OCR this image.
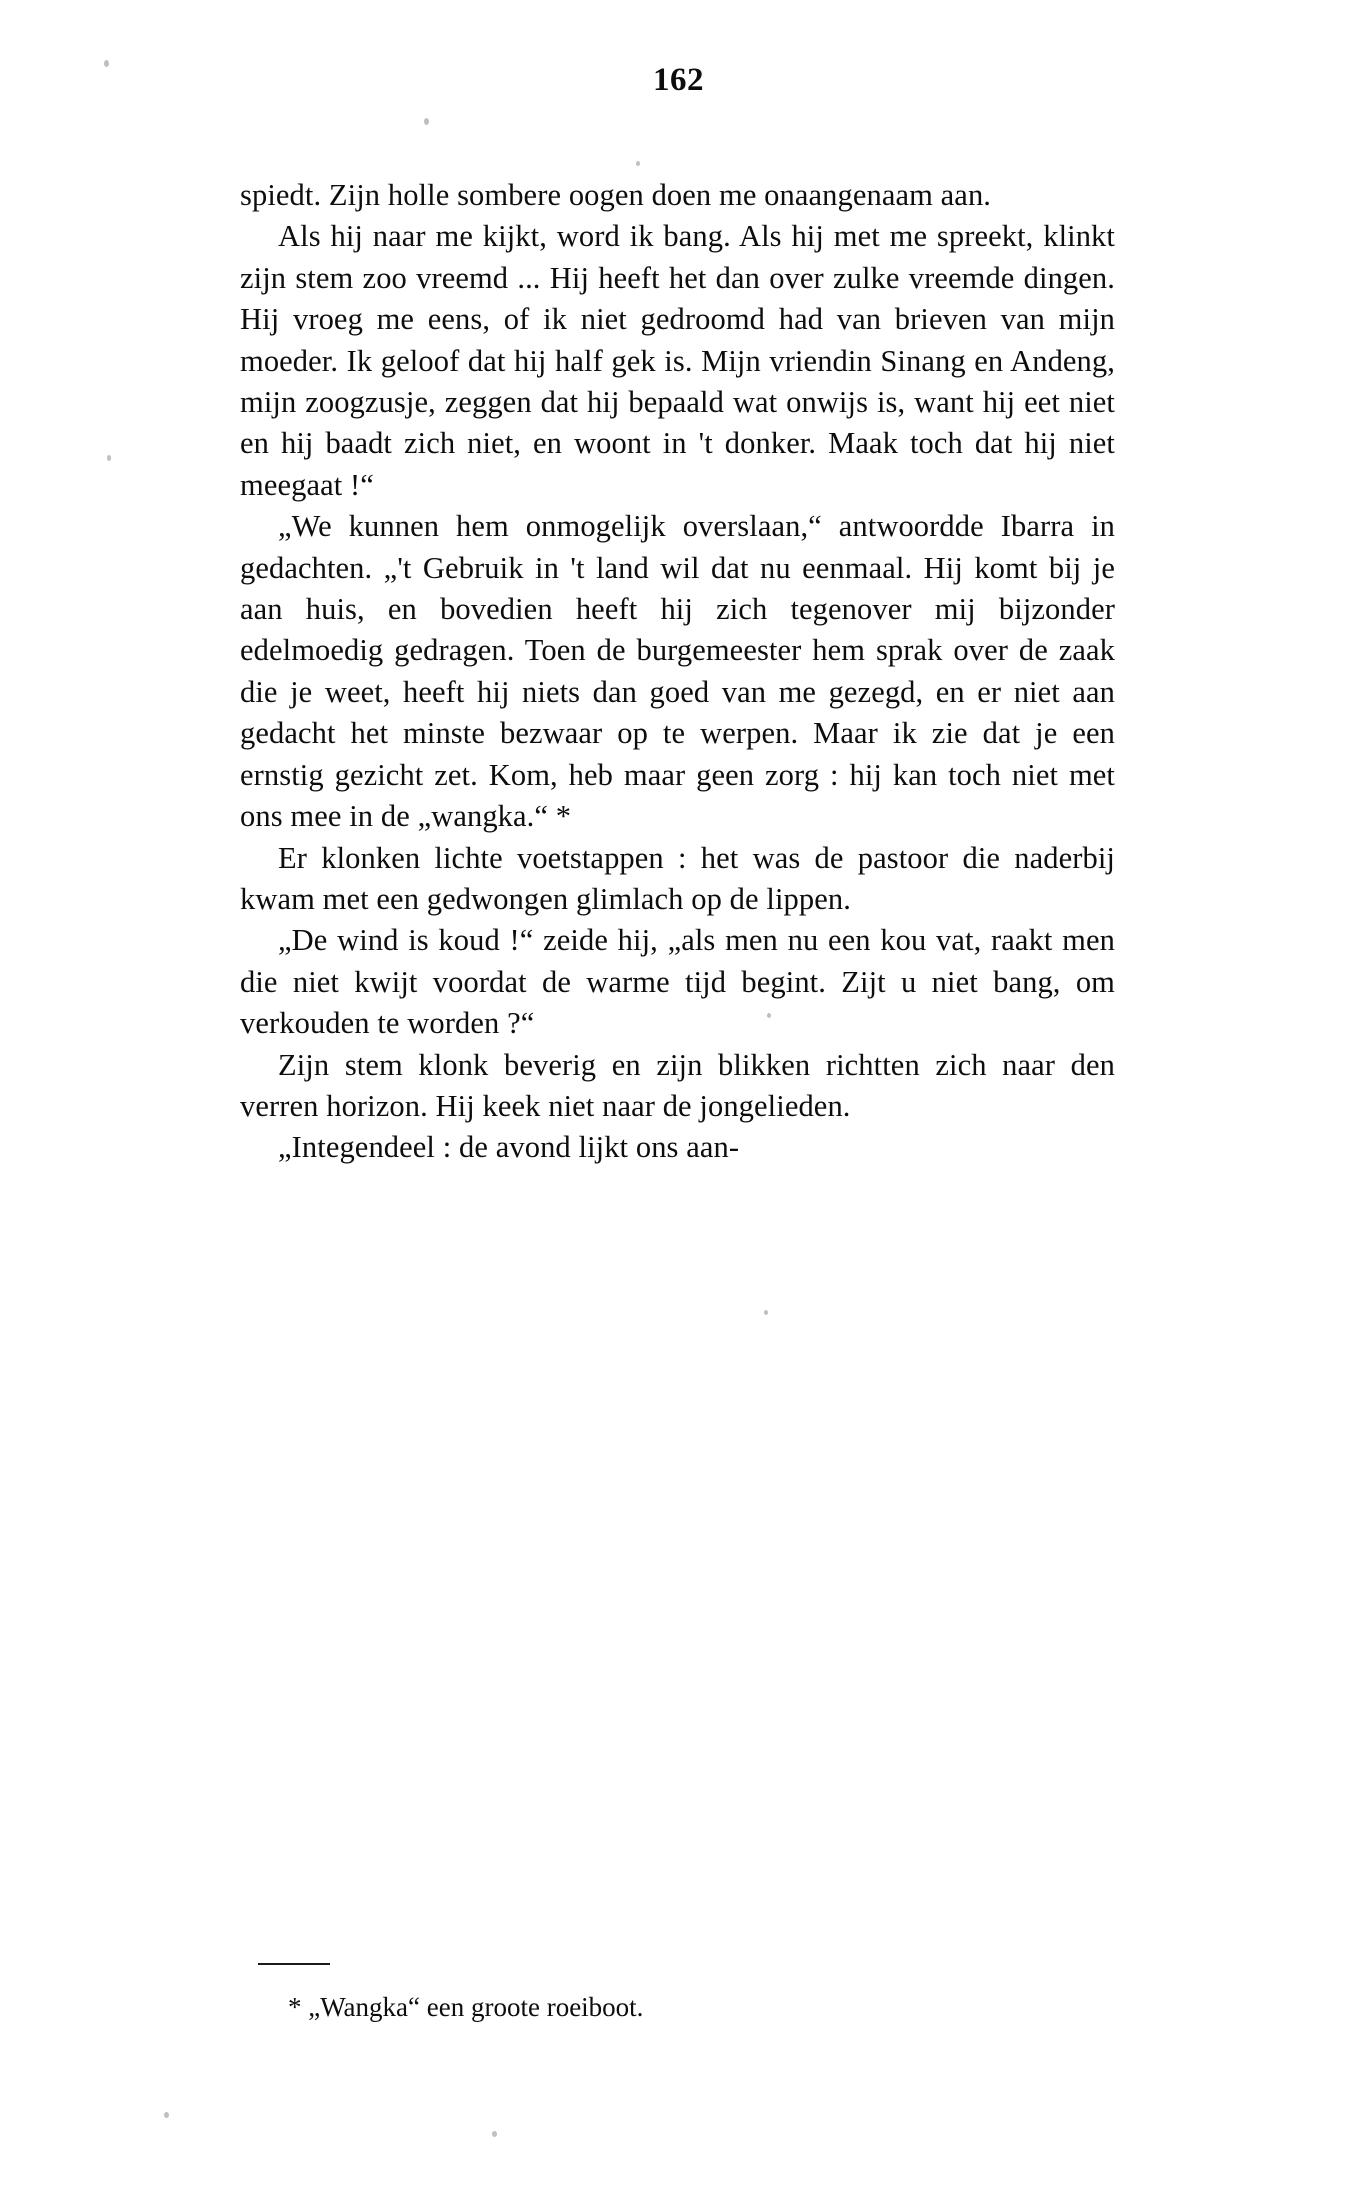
162

spiedt. Zijn holle sombere oogen doen me onaangenaam aan.

Als hij naar me kijkt, word ik bang. Als hij met me spreekt, klinkt zijn stem zoo vreemd ... Hij heeft het dan over zulke vreemde dingen. Hij vroeg me eens, of ik niet gedroomd had van brieven van mijn moeder. Ik geloof dat hij half gek is. Mijn vriendin Sinang en Andeng, mijn zoogzusje, zeggen dat hij bepaald wat onwijs is, want hij eet niet en hij baadt zich niet, en woont in 't donker. Maak toch dat hij niet meegaat !“

„We kunnen hem onmogelijk overslaan,“ antwoordde Ibarra in gedachten. „'t Gebruik in 't land wil dat nu eenmaal. Hij komt bij je aan huis, en bovedien heeft hij zich tegenover mij bijzonder edelmoedig gedragen. Toen de burgemeester hem sprak over de zaak die je weet, heeft hij niets dan goed van me gezegd, en er niet aan gedacht het minste bezwaar op te werpen. Maar ik zie dat je een ernstig gezicht zet. Kom, heb maar geen zorg : hij kan toch niet met ons mee in de „wangka.“ *

Er klonken lichte voetstappen : het was de pastoor die naderbij kwam met een gedwongen glimlach op de lippen.

„De wind is koud !“ zeide hij, „als men nu een kou vat, raakt men die niet kwijt voordat de warme tijd begint. Zijt u niet bang, om verkouden te worden ?“

Zijn stem klonk beverig en zijn blikken richtten zich naar den verren horizon. Hij keek niet naar de jongelieden.

„Integendeel : de avond lijkt ons aan-

* „Wangka“ een groote roeiboot.
